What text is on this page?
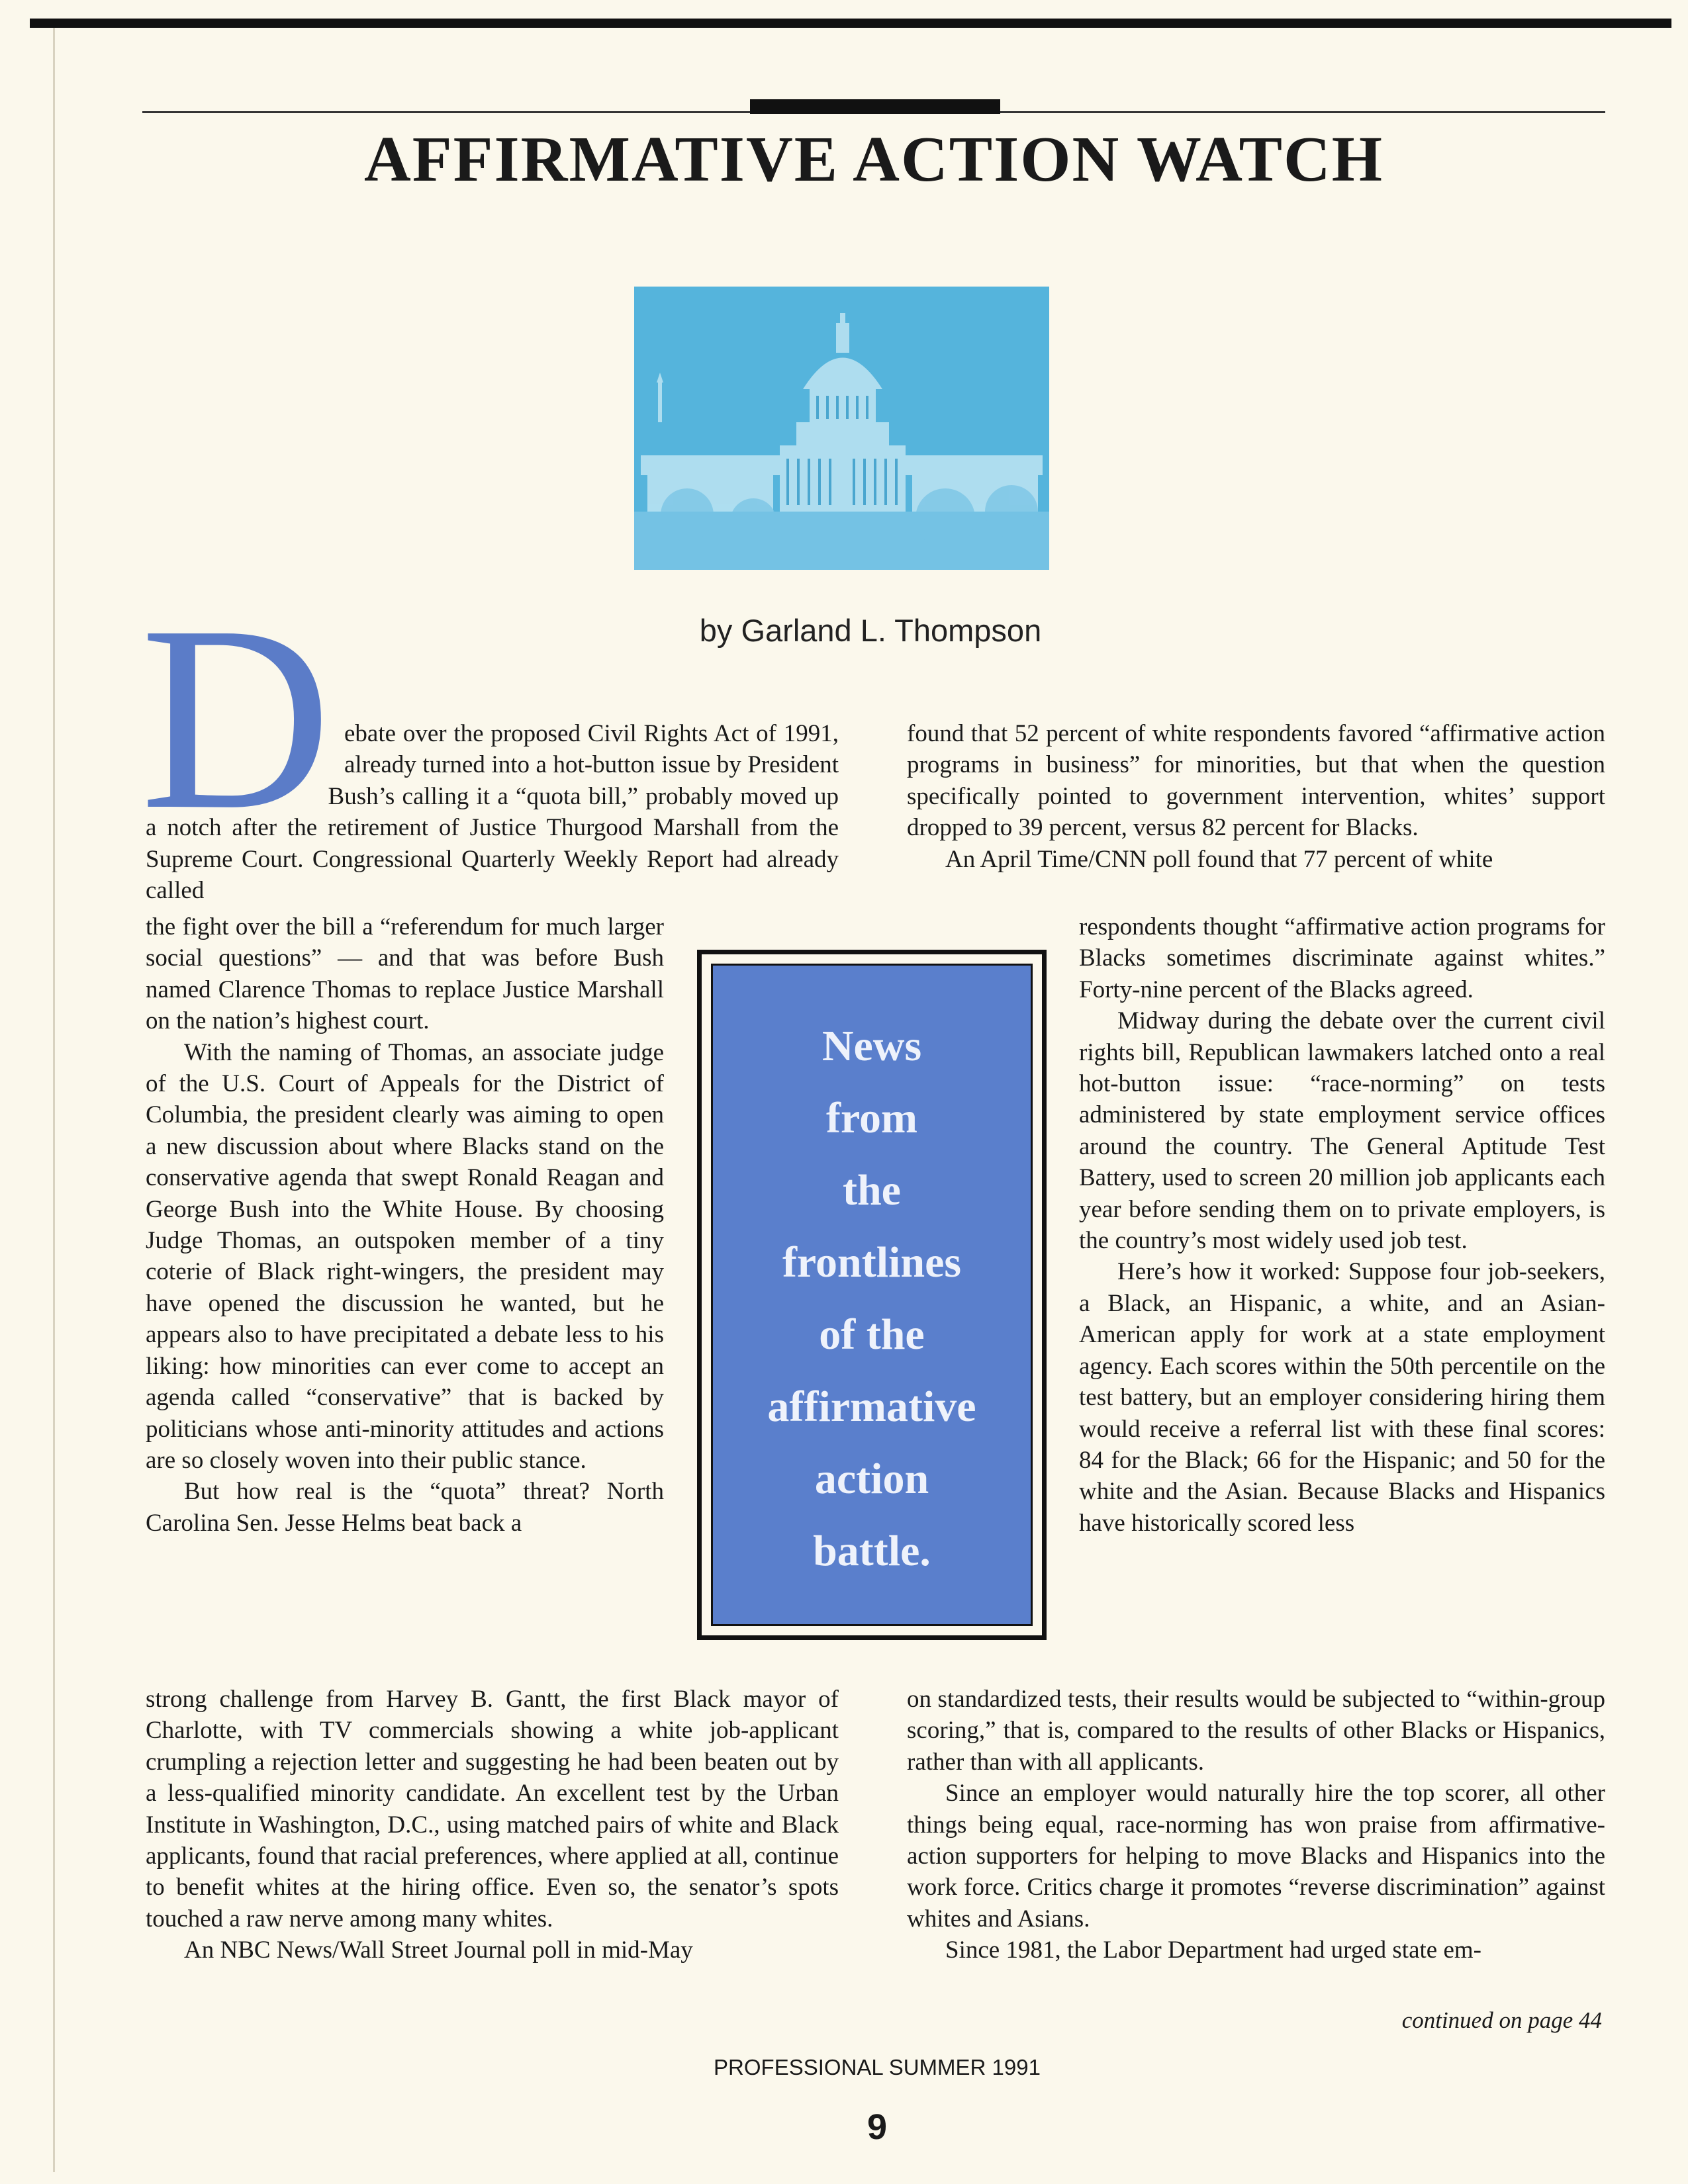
AFFIRMATIVE ACTION WATCH
by Garland L. Thompson
D ebate over the proposed Civil Rights Act of 1991, already turned into a hot-button issue by President Bush’s calling it a “quota bill,” probably moved up a notch after the retirement of Justice Thurgood Marshall from the Supreme Court. Congressional Quarterly Weekly Report had already called

the fight over the bill a “referendum for much larger social questions” — and that was before Bush named Clarence Thomas to replace Justice Marshall on the nation’s highest court.

With the naming of Thomas, an associate judge of the U.S. Court of Appeals for the District of Columbia, the president clearly was aiming to open a new discussion about where Blacks stand on the conservative agenda that swept Ronald Reagan and George Bush into the White House. By choosing Judge Thomas, an outspoken member of a tiny coterie of Black right-wingers, the president may have opened the discussion he wanted, but he appears also to have precipitated a debate less to his liking: how minorities can ever come to accept an agenda called “conservative” that is backed by politicians whose anti-minority attitudes and actions are so closely woven into their public stance.

But how real is the “quota” threat? North Carolina Sen. Jesse Helms beat back a

strong challenge from Harvey B. Gantt, the first Black mayor of Charlotte, with TV commercials showing a white job-applicant crumpling a rejection letter and suggesting he had been beaten out by a less-qualified minority candidate. An excellent test by the Urban Institute in Washington, D.C., using matched pairs of white and Black applicants, found that racial preferences, where applied at all, continue to benefit whites at the hiring office. Even so, the senator’s spots touched a raw nerve among many whites.

An NBC News/Wall Street Journal poll in mid-May

found that 52 percent of white respondents favored “affirmative action programs in business” for minorities, but that when the question specifically pointed to government intervention, whites’ support dropped to 39 percent, versus 82 percent for Blacks.

An April Time/CNN poll found that 77 percent of white

respondents thought “affirmative action programs for Blacks sometimes discriminate against whites.” Forty-nine percent of the Blacks agreed.

Midway during the debate over the current civil rights bill, Republican lawmakers latched onto a real hot-button issue: “race-norming” on tests administered by state employment service offices around the country. The General Aptitude Test Battery, used to screen 20 million job applicants each year before sending them on to private employers, is the country’s most widely used job test.

Here’s how it worked: Suppose four job-seekers, a Black, an Hispanic, a white, and an Asian-American apply for work at a state employment agency. Each scores within the 50th percentile on the test battery, but an employer considering hiring them would receive a referral list with these final scores: 84 for the Black; 66 for the Hispanic; and 50 for the white and the Asian. Because Blacks and Hispanics have historically scored less

on standardized tests, their results would be subjected to “within-group scoring,” that is, compared to the results of other Blacks or Hispanics, rather than with all applicants.

Since an employer would naturally hire the top scorer, all other things being equal, race-norming has won praise from affirmative-action supporters for helping to move Blacks and Hispanics into the work force. Critics charge it promotes “reverse discrimination” against whites and Asians.

Since 1981, the Labor Department had urged state em-

News
from
the
frontlines
of the
affirmative
action
battle.
continued on page 44
PROFESSIONAL SUMMER 1991
9
